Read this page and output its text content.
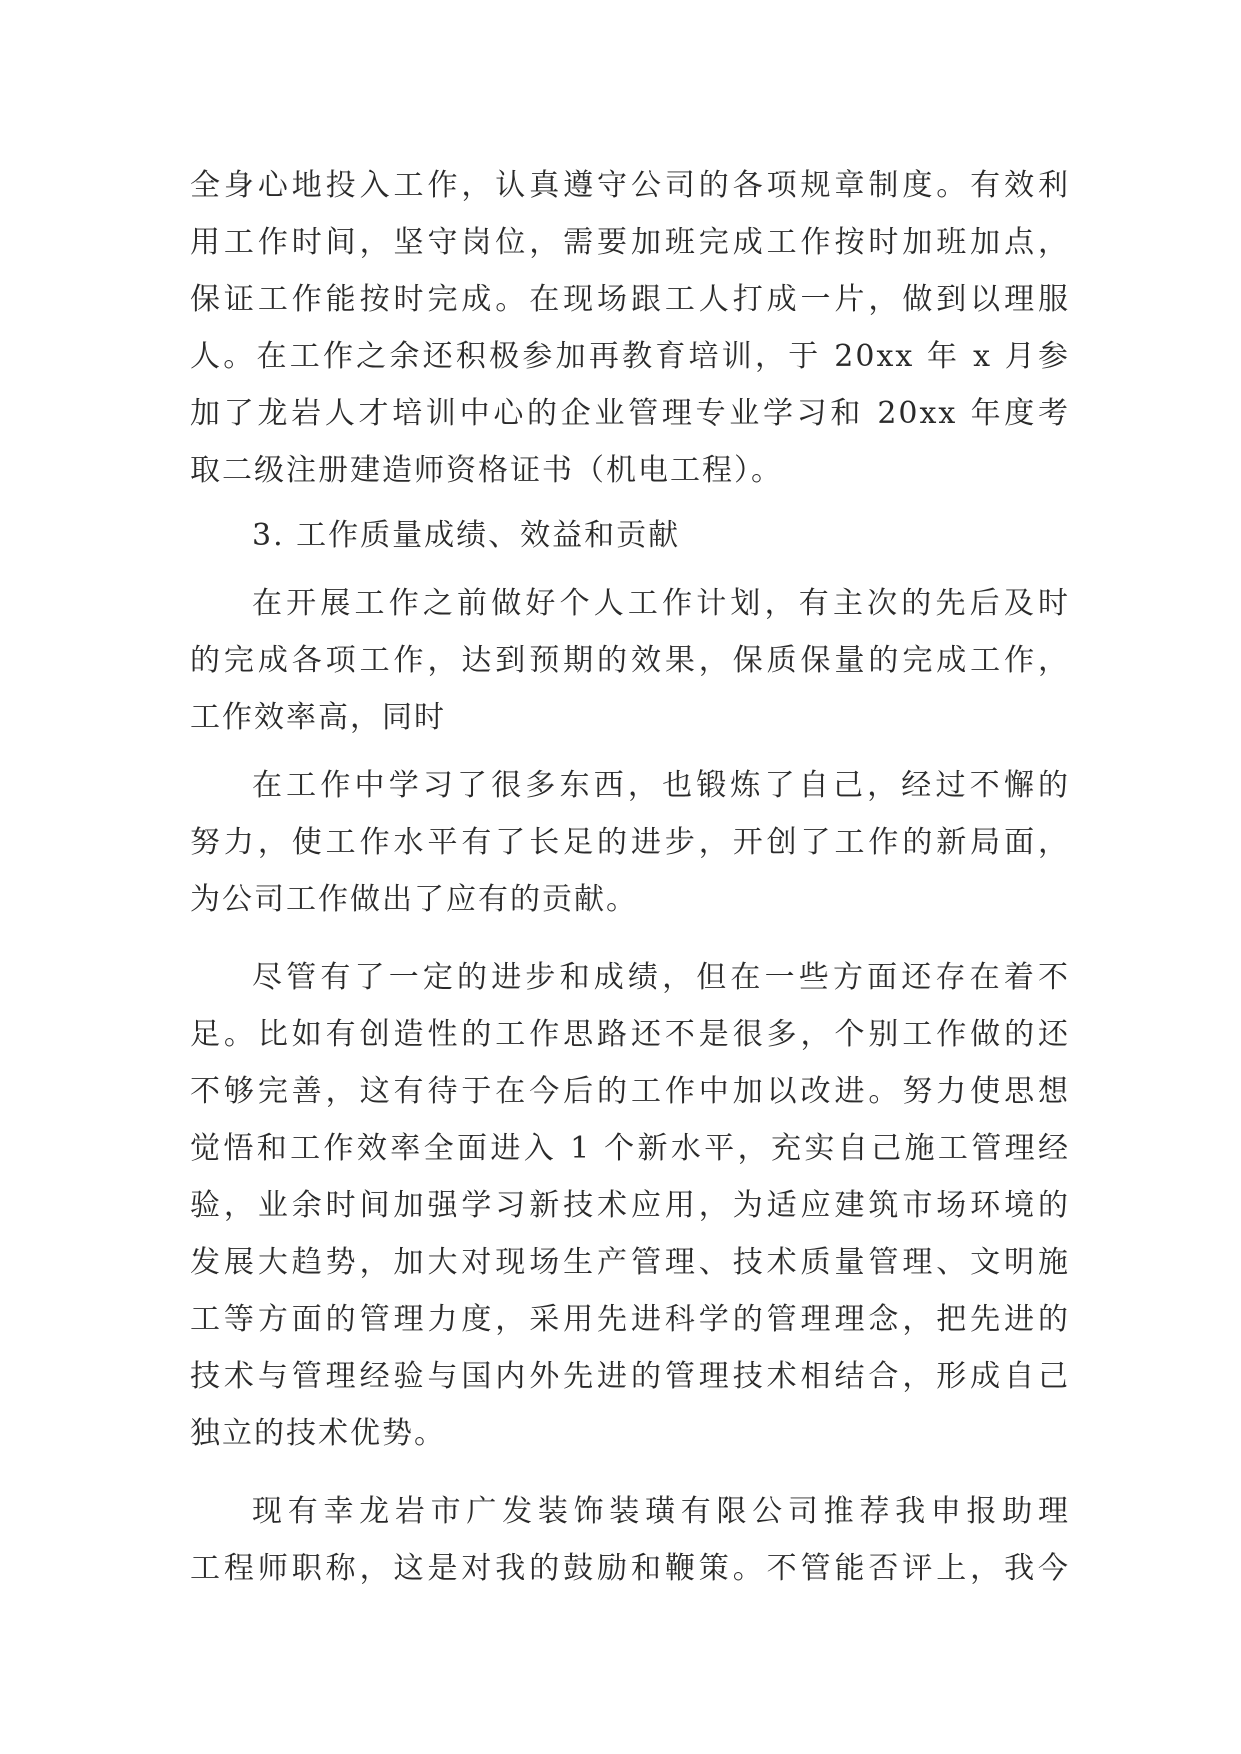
全身心地投入工作，认真遵守公司的各项规章制度。有效利
用工作时间，坚守岗位，需要加班完成工作按时加班加点，
保证工作能按时完成。在现场跟工人打成一片，做到以理服
人。在工作之余还积极参加再教育培训，于 20xx 年 x 月参
加了龙岩人才培训中心的企业管理专业学习和 20xx 年度考
取二级注册建造师资格证书（机电工程）。
3. 工作质量成绩、效益和贡献
在开展工作之前做好个人工作计划，有主次的先后及时
的完成各项工作，达到预期的效果，保质保量的完成工作，
工作效率高，同时
在工作中学习了很多东西，也锻炼了自己，经过不懈的
努力，使工作水平有了长足的进步，开创了工作的新局面，
为公司工作做出了应有的贡献。
尽管有了一定的进步和成绩，但在一些方面还存在着不
足。比如有创造性的工作思路还不是很多，个别工作做的还
不够完善，这有待于在今后的工作中加以改进。努力使思想
觉悟和工作效率全面进入 1 个新水平，充实自己施工管理经
验，业余时间加强学习新技术应用，为适应建筑市场环境的
发展大趋势，加大对现场生产管理、技术质量管理、文明施
工等方面的管理力度，采用先进科学的管理理念，把先进的
技术与管理经验与国内外先进的管理技术相结合，形成自己
独立的技术优势。
现有幸龙岩市广发装饰装璜有限公司推荐我申报助理
工程师职称，这是对我的鼓励和鞭策。不管能否评上，我今
